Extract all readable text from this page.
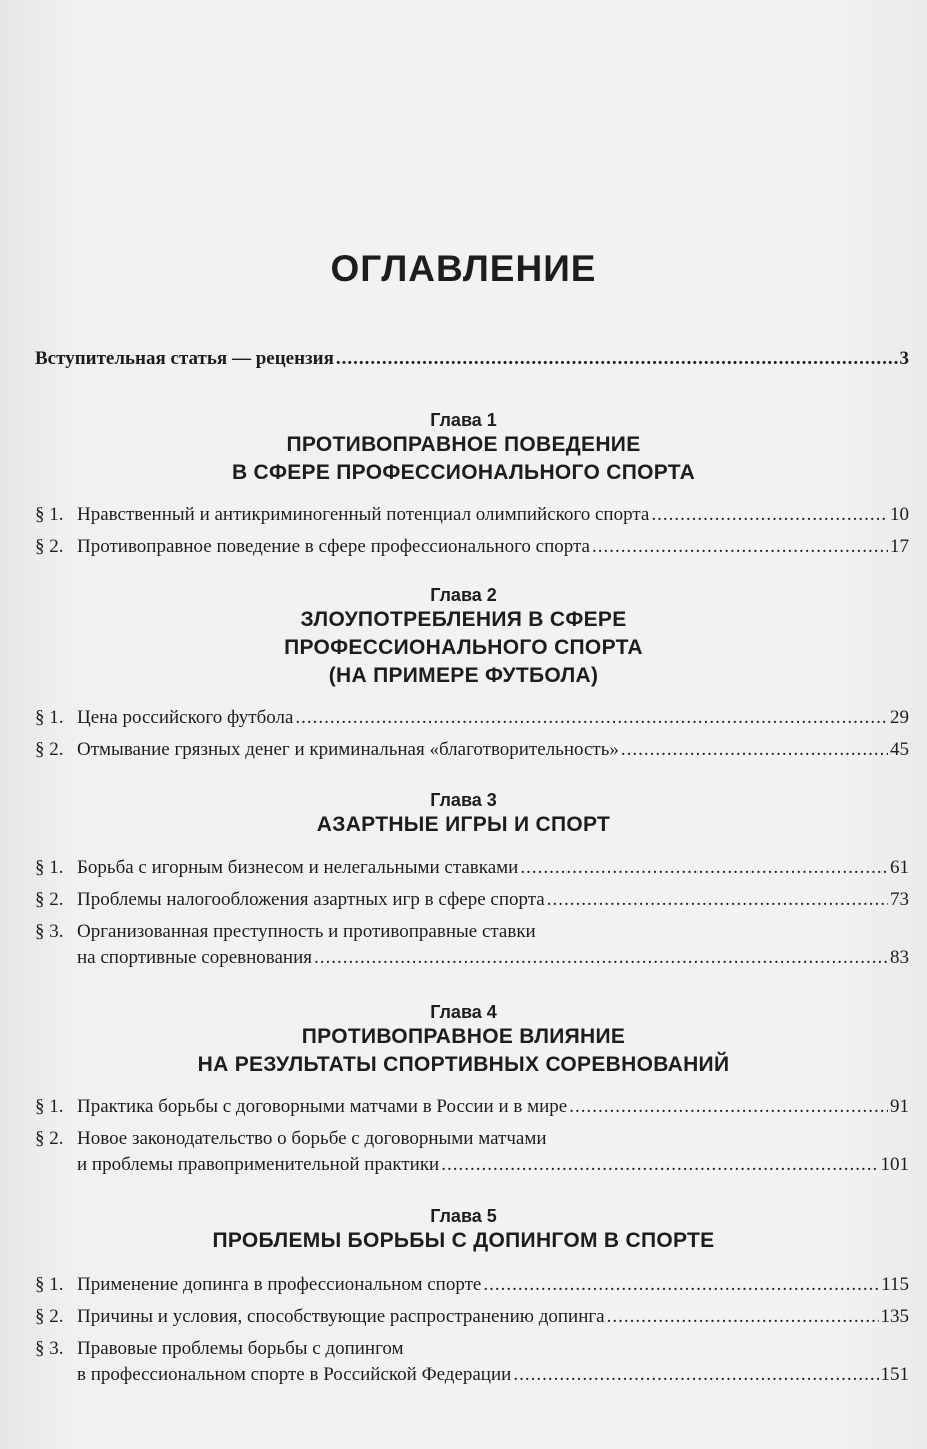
ОГЛАВЛЕНИЕ
Вступительная статья — рецензия .....	3
Глава 1
ПРОТИВОПРАВНОЕ ПОВЕДЕНИЕ
В СФЕРЕ ПРОФЕССИОНАЛЬНОГО СПОРТА
§ 1. Нравственный и антикриминогенный потенциал олимпийского спорта .....	10
§ 2. Противоправное поведение в сфере профессионального спорта .....	17
Глава 2
ЗЛОУПОТРЕБЛЕНИЯ В СФЕРЕ
ПРОФЕССИОНАЛЬНОГО СПОРТА
(НА ПРИМЕРЕ ФУТБОЛА)
§ 1. Цена российского футбола .....	29
§ 2. Отмывание грязных денег и криминальная «благотворительность» .....	45
Глава 3
АЗАРТНЫЕ ИГРЫ И СПОРТ
§ 1. Борьба с игорным бизнесом и нелегальными ставками .....	61
§ 2. Проблемы налогообложения азартных игр в сфере спорта .....	73
§ 3. Организованная преступность и противоправные ставки
на спортивные соревнования .....	83
Глава 4
ПРОТИВОПРАВНОЕ ВЛИЯНИЕ
НА РЕЗУЛЬТАТЫ СПОРТИВНЫХ СОРЕВНОВАНИЙ
§ 1. Практика борьбы с договорными матчами в России и в мире .....	91
§ 2. Новое законодательство о борьбе с договорными матчами
и проблемы правоприменительной практики .....	101
Глава 5
ПРОБЛЕМЫ БОРЬБЫ С ДОПИНГОМ В СПОРТЕ
§ 1. Применение допинга в профессиональном спорте .....	115
§ 2. Причины и условия, способствующие распространению допинга .....	135
§ 3. Правовые проблемы борьбы с допингом
в профессиональном спорте в Российской Федерации .....	151
